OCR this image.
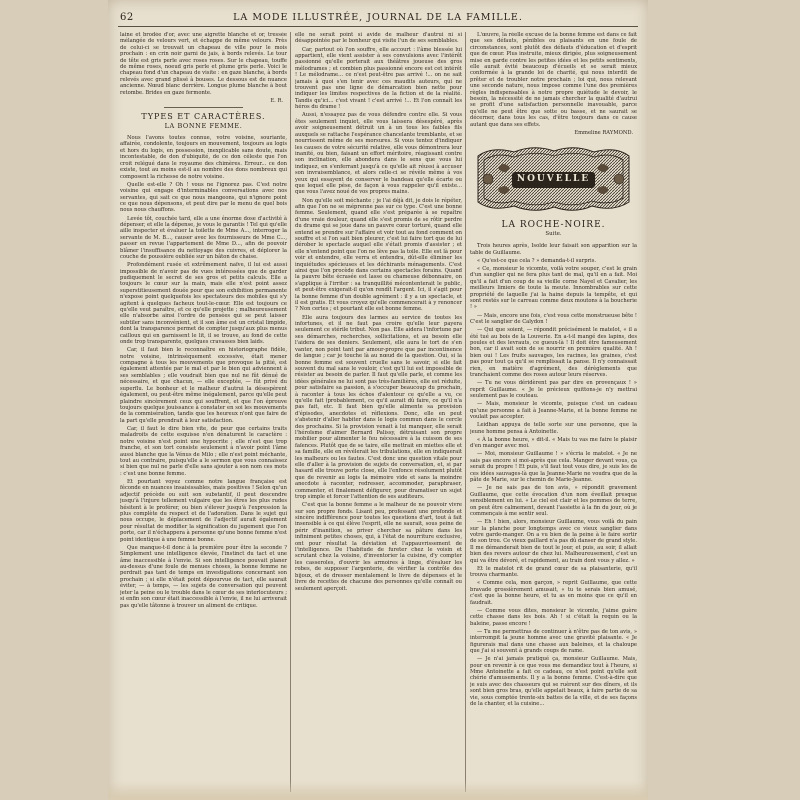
62	LA MODE ILLUSTRÉE, JOURNAL DE LA FAMILLE.

laine et brodée d'or, avec une aigrette blanche et or, tressée mélangée de velours vert, et échappe de même velours. Près de celui-ci se trouvait un chapeau de ville pour le mois prochain : en crin noir garni de jais, à bords relevés. Le tour de tête est gris perle avec roses roses. Sur le chapeau, touffe de même roses, noeud gris perle et plume gris perle. Voici le chapeau fond d'un chapeau de visite : en gaze blanche, à bords relevés avec grand plissé à bouses. Le dessous est de nuance ancienne. Nœud blanc derrière. Longue plume blanche à bout retombe. Brides en gaze fermonte.

E. R.
TYPES ET CARACTÈRES.
LA BONNE FEMME.

Nous l'avons toutes connue, votre voisine, souriante, affairée, condolente, toujours en mouvement, toujours au logis et hors du logis, en possession, inexplicable sans doute, mais incontestable, de don d'ubiquité, de ce don céleste que l'on croit relégué dans le royaume des chimères. Erreur... ce don existe, tout au moins est-il au nombre des dons nombreux qui composent la richesse de notre voisine.

Quelle est-elle ? Oh ! vous ne l'ignorez pas. C'est notre voisine qui engage d'interminables conversations avec nos servantes, qui sait ce que nous mangeons, qui n'ignore point ce que nous dépensons, et peut dire par le menu de quel bois nous nous chauffons.

Levée tôt, couchée tard, elle a une énorme dose d'activité à dépenser, et elle la dépense, je vous le garantis ! Tel qui qu'elle aille inspecter et évaluer la toilette de Mme A..., interroger la servante de M. B..., causer avec les fournisseurs de Mme C..., passer en revue l'appartement de Mme D..., afin de pouvoir blâmer l'insuffisance du nettoyage des cuivres, et déplorer la couche de poussière oubliée sur un bâton de chaise.

Profondément rusée et extrêmement naïve, il lui est aussi impossible de n'avoir pas de vues intéressées que de garder pudiquement le secret de ses gros et petits calculs. Elle a toujours le cœur sur la main, mais elle n'est point assez superstitieusement douée pour que son exhibition permanente n'expose point quelquefois les spectateurs des mobiles qui s'y agitent à quelques facheux tout-le-cœur. Elle est toujours ce qu'elle veut paraître, et ce qu'elle projette ; malheureusement elle n'absorbe ainsi l'ordre de pensées qui se peut laisser subtiler sans inconvénient, et il son âme est un cristal limpide, dont la transparence permet de compter jusqu'aux plus menus cailloux qui en garnissent le lit, il se trouve, au fond de cette onde trop transparente, quelques cravasses bien laids.

Car, il faut bien le reconnaître en historiographe fidèle, notre voisine, intrinsèquement excessive, était mener compagne à tous les mouvements que provoque la pitié, est également attentée par le mal et par le bien qui adviennent à ses semblables ; elle voudrait bien que nul ne fût dénué de nécessaire, et que chacun, — elle exceptée, — fût privé du superflu. Le bonheur et le malheur d'autrui la désespèrent également, ou peut-être même inégalement, parce qu'elle peut plaindre sincèrement ceux qui souffrent, et que l'on éprouve toujours quelque jouissance à constater en soi les mouvements de la commisération, tandis que les heureux n'ont que faire de la part qu'elle prendrait à leur satisfaction.

Car, il faut le dire bien vite, de peur que certains traits maladroits de cette esquisse n'en dénaturent le caractère : notre voisine n'est point une hypocrite ; elle n'est que trop franche, et son tort consiste seulement à n'avoir point l'âme aussi blanche que la Vénus de Milo ; elle n'est point méchante, tout au contraire, puisqu'elle a le sermon que vous connaissez si bien que nul ne parle d'elle sans ajouter à son nom ces mots : c'est une bonne femme.

Et pourtant voyez comme notre langue française est féconde en nuances insaisissables, mais positives ! Selon qu'un adjectif précède ou suit son substantif, il peut descendre jusqu'à l'injure tellement vulgaire que les êtres les plus rudes hésitent à le proférer, ou bien s'élever jusqu'à l'expression la plus complète du respect et de l'adoration. Dans le sujet qui nous occupe, le déplacement de l'adjectif aurait également pour résultat de modifier la signification du jugement que l'on porte, car il n'échappera à personne qu'une bonne femme n'est point identique à une femme bonne.

Que manque-t-il donc à la première pour être la seconde ? Simplement une intelligence élevée, l'instinct du tact et une âme inaccessible à l'envie. Si son intelligence pouvait planer au-dessus d'une foule de menues choses, la bonne femme ne perdrait pas tant de temps en investigations concernant son prochain ; si elle n'était point dépourvue de tact, elle saurait éviter, — à temps, — les sujets de conversation qui peuvent jeter la peine ou le trouble dans le cœur de ses interlocuteurs ; si enfin son cœur était inaccessible à l'envie, il ne lui arriverait pas qu'elle tâtonne à trouver un aliment de critique.

elle ne serait point si avide de malheur d'autrui ni si désappointée par le bonheur qui visite l'un de ses semblables.

Car, partout où l'on souffre, elle accourt : l'âme blessée lui appartient, elle vient assister à ses convulsions avec l'intérêt passionné qu'elle porterait aux théâtres joueuse des gros mélodrames ; et combien plus passionné encore est cet intérêt ! Le mélodrame... ce n'est peut-être pas arrivé !... on ne sait jamais à quoi s'en tenir avec ces maudits auteurs, qui ne trouvent pas une ligne de démarcation bien nette pour indiquer les limites respectives de la fiction et de la réalité. Tandis qu'ici... c'est vivant ! c'est arrivé !... Et l'on connaît les héros du drame !

Aussi, n'essayez pas de vous défendre contre elle. Si vous êtes seulement inquiet, elle vous laissera désespéré, après avoir soigneusement détruit un à un tous les faibles fils auxquels se rattache l'espérance chancelante tremblante, et se nourrissent même de ses morsures. Si vous tentez d'indiquer les causes de votre sécurité relative, elle vous démontrera leur inanité, ou bien, faisant un effort méritoire, réagissant contre son inclination, elle abondera dans le sens que vous lui indiquez, en s'enferrant jusqu'à ce qu'elle ait réussi à accuser son invraisemblance, et alors celle-ci se révèle même à vos yeux qui essayent de conserver le bandeau qu'elle écarte ou que lequel elle pèse, de façon à vous rappeler qu'il existe... que vous l'avez noué de vos propres mains.

Non qu'elle soit méchante ; je l'ai déjà dit, je dois le répéter, afin que l'on ne se méprenne pas sur ce type. C'est une bonne femme. Seulement, quand elle s'est préparée à se repaître d'une vraie douleur, quand elle s'est promis de se rôtir perdre du drame qui se joue dans un pauvre cœur torturé, quand elle entend se prendre sur l'affaire et voir tout au fond comment on souffre et si l'on sait bien pleurer, c'est lui faire tort que de lui dérober le spectacle auquel elle s'était promis d'assister ; et elle n'entend point que l'on ne lève pas la toile. Elle est là pour voir et entendre, elle verra et entendra, dût-elle éliminer les inquiétudes spécieuses et les déchirants ménagements. C'est ainsi que l'on procède dans certains spectacles forains. Quand la pauvre bête écrasée est lasse ou chameuse débonnaire, on s'applique à l'irriter : sa tranquillité mécontenterait le public, et peut-être exigerait-il qu'on rendît l'argent. Ici, il s'agit pour la bonne femme d'un double agrément : il y a un spectacle, et il est gratis. Et vous croyez qu'elle commencerait à y renoncer ? Non certes ; et pourtant elle est bonne femme.

Elle aura toujours des larmes au service de toutes les infortunes, et il ne faut pas croire qu'elle leur payera seulement ce stérile tribut. Non pas. Elle aidera l'infortune par ses démarches, recherches, sollicitations, et au besoin elle l'aidera de ses deniers. Seulement, elle aura le tort de s'en vanter, non point tant par amour-propre que par incontinence de langue ; car je touche là au nœud de la question. Oui, si la bonne femme est souvent cruelle sans le savoir, si elle fait souvent du mal sans le vouloir, c'est qu'il lui est impossible de résister au besoin de parler. Il faut qu'elle parle, et comme les idées générales ne lui sont pas très-familières, elle est réduite, pour satisfaire sa passion, à s'occuper beaucoup du prochain, à raconter à tous les échos d'alentour ce qu'elle a vu, ce qu'elle fait (probablement, ce qu'il aurait dû faire, ce qu'il n'a pas fait, etc. Il faut bien qu'elle alimente sa provision d'épisodes, anecdotes et réflexions. Donc, elle en peut s'abstenir d'aller habiter dans le logis commun dans le cercle des prochains. Si la provision venait à lui manquer, elle serait l'héroïsme d'aimer Bernard Palissy, détruisant son propre mobilier pour alimenter le feu nécessaire à la cuisson de ses faïences. Plutôt que de se taire, elle mettrait en miettes elle et sa famille, elle en révélerait les tribulations, elle en indiquerait les malheurs ou les fautes. C'est donc une question vitale pour elle d'aller à la provision de sujets de conversation, et, si par hasard elle trouve porte close, elle l'enfonce résolument plutôt que de revenir au logis la mémoire vide et sans la moindre anecdote à raconter, redresser, accommoder, paraphraser, commenter, et finalement défigurer, pour dramatiser un sujet trop simple et forcer l'attention de ses auditeurs.

C'est que la bonne femme a le malheur de ne pouvoir vivre sur son propre fonds. Lisant peu, professant une profonde et sincère indifférence pour toutes les questions d'art, tout à fait insensible à ce qui élève l'esprit, elle ne saurait, sous peine de périr d'inanition, se priver chercher sa pâture dans les infiniment petites choses, qui, à l'état de nourriture exclusive, ont pour résultat la déviation et l'appauvrissement de l'intelligence. De l'habitude de fureter chez le voisin et scrutant chez la voisine, d'inventorier la cuisine, d'y compter les casseroles, d'ouvrir les armoires à linge, d'évaluer les robes, de supposer l'argenterie, de vérifier la contrôle des bijoux, et de dresser mentalement le livre de dépenses et le livre de recettes de chacune des personnes qu'elle connaît ou seulement aperçoit.

L'œuvre, la réelle excuse de la bonne femme est dans ce fait que ses défauts, pénibles ou plaisants en une foule de circonstances, sont plutôt des défauts d'éducation et d'esprit que de cœur. Plus instruite, mieux dirigée, plus soigneusement mise en garde contre les petites idées et les petits sentiments, elle aurait évité beaucoup d'écueils et se serait mieux conformée à la grande loi de charité, qui nous interdit de prêter et de troubler notre prochain ; loi qui, nous relevant une seconde nature, nous impose comme l'une des premières règles indispensables à notre propre quiétude le devoir, le besoin, la nécessité de ne jamais chercher la qualité d'autrui se profit d'une satisfaction personnelle inavouable, parce qu'elle ne peut être que sotte ou basse, et ne saurait se décerner, dans tous les cas, d'être toujours dans ce cause autant que dans ses effets.

Emmeline RAYMOND.
NOUVELLE
LA ROCHE-NOIRE.
Suite.

Trois heures après, Isolde leur faisait son apparition sur la table de Guillaume.

« Qu'est-ce que cela ? » demanda-t-il surpris.

« Ce, monsieur le vicomte, voilà votre souper, c'est le grain d'un sanglier qui ne fera plus tant de mal, qu'il en a fait. Moi qu'il a fait d'un coup de sa vieille corne Nayel et Cavalier, les meilleurs limiers de toute la meute. Innombrables sur cette propriété de laquelle j'ai la haine depuis la tempête, et qui sont restés sur le carreau comme deux moutons à la boucherie ! »

— Mais, encore une fois, c'est vous cette monstrueuse bête ! C'est le sanglier de Calydon !

— Qui que soient, — répondit précisément le matelot, « il a été tué au bois de la Louverie. En a-t-il mangé des lapins, des poules et des levrauts, ce gueux-là ! Il doit être fameusement bon, car il avait soin de se nourrir en première qualité. Ah ! bien oui ! Les fruits sauvages, les racines, les graines, c'est pas pour tout ça qu'il se remplissait la panse. Il n'y connaissait rien, en matière d'agrément, des dérèglements que tranchaient comme des roses autour leurs réserves.

— Tu ne vous déridèrent pas par dire en provençaux ! » reprit Guillaume. « Je le précieux quittons-je n'y mettrai seulement pas le couteau.

— Mais, monsieur le vicomte, puisque c'est un cadeau qu'une personne a fait à Jeanne-Marie, et la bonne femme ne voulait pas accepter.

Leidhan appuya de telle sorte sur une personne, que la jeune homme pensa à Antoinette.

« À la bonne heure, » dit-il. « Mais tu vas me faire le plaisir d'en manger avec moi.

— Moi, monsieur Guillaume ! » s'écria le matelot. « Je ne sais pas encore si moi-après que cela. Manger devant vous, ça serait du propre ! Et puis, s'il faut tout vous dire, je suis les de ces idées sauvages-là que la Jeanne-Marie ne voudra que de la pâte de Marie, sur le chemin de Marie-Jeanne.

— Je ne sais pas de ton avis, » répondit gravement Guillaume, que cette évocation d'un nom éveillait presque sensiblement en lui. « Le ciel est clair et les pommes de terre, on peut être calmement, devant l'assiette à la fin du jour, où je commençais à me sentir seul.

— Eh ! bien, alors, monsieur Guillaume, vous voilà du pain sur la planche pour longtemps avec ce vieux sanglier dans votre garde-manger. On a vu bien de la peine à le faire sortir de son trou. Ce vieux gaillard n'a pas dû danser de grand style. Il me démanderait bien de tout le jour, et puis, au soir, il allait bien des revers autour de chez lui. Malheureusement, c'est un qui va être dévoré, et rapidement, au train dont vous y allez. »

Et le matelot rit de grand cœur de sa plaisanterie, qu'il trouva charmante.

« Comme cela, mon garçon, » reprit Guillaume, que cette bravade grossièrement amusait, « tu te serais bien amusé, c'est que la bonne heure, et tu as en moins que ce qu'il en faudrait.

— Comme vous dites, monsieur le vicomte, j'aime guère cette chasse dans les bois. Ah ! si c'était la requin ou la baleine, passe encore !

— Tu me permettras de continuer à n'être pas de ton avis, » interrompit la jeune homme avec une gravité plaisante. « Je figurerais mal dans une chasse aux baleines, et la chaloupe que j'ai si souvent à grands coups de rame.

— Je n'ai jamais pratiqué ça, monsieur Guillaume. Mais, pour en revenir à ce que vous me demandiez tout à l'heure, si Mme Antoinette a fait ce cadeau, ce n'est point qu'elle soit chérie d'amusements. Il y a la bonne femme. C'est-à-dire que je suis avec des chasseurs qui se ruèrent sur des dîners, et ils sont bien gros bras, qu'elle appelait beaux, à faire partie de sa vie, sous comptée trente-six battes de la ville, et de ses façons de la chanter, et la cuisine...
